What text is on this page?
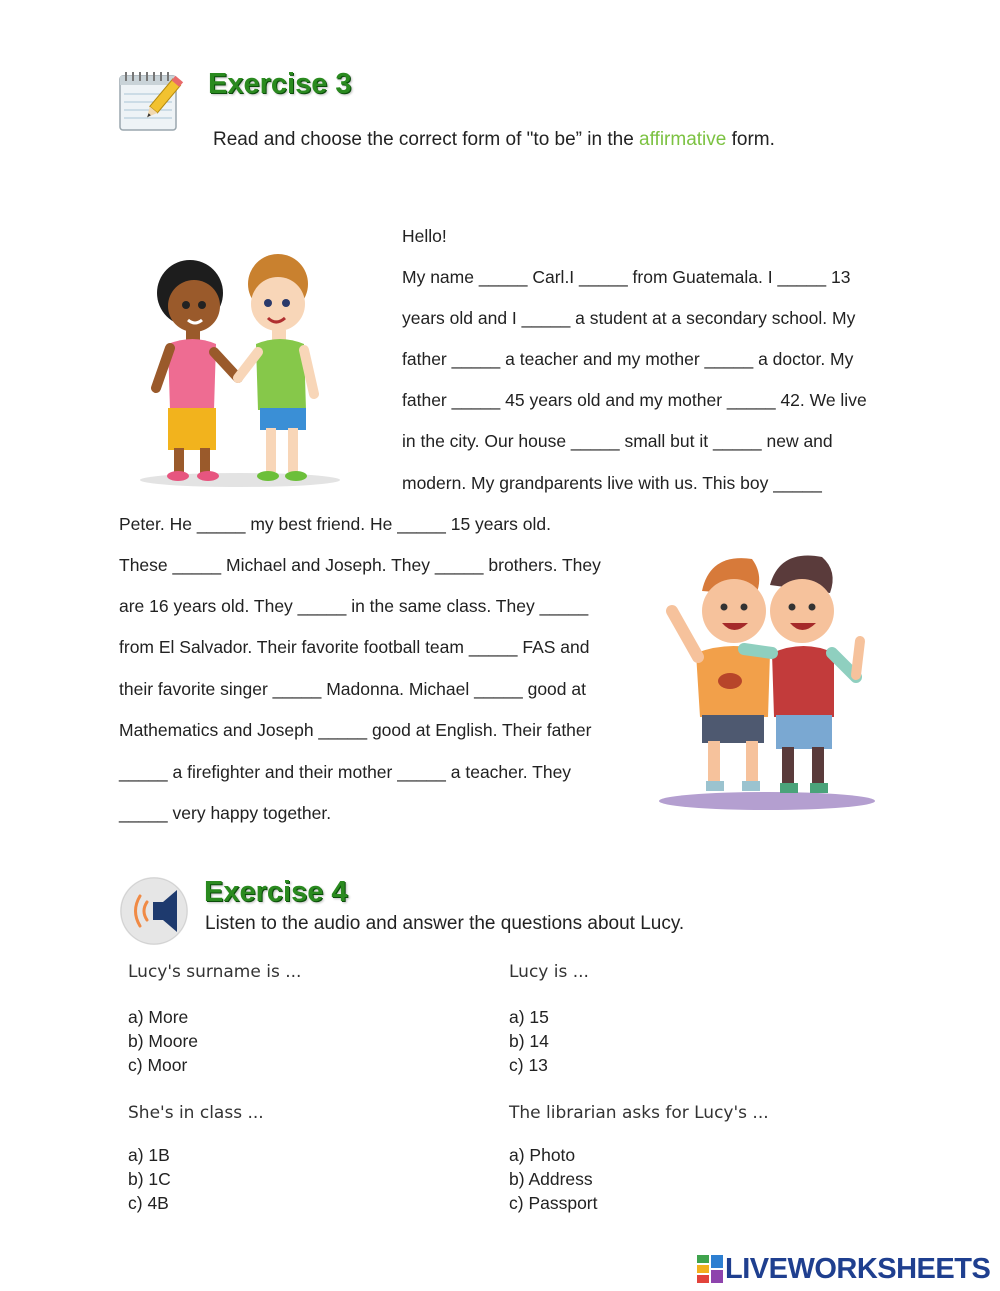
Exercise 3
Read and choose the correct form of "to be” in the affirmative form.
Hello!
My name _____ Carl.I _____ from Guatemala. I _____ 13
years old and I _____ a student at a secondary school. My
father _____ a teacher and my mother _____ a doctor. My
father _____ 45 years old and my mother _____ 42. We live
in the city. Our house _____ small but it _____ new and
modern. My grandparents live with us. This boy _____
Peter. He _____ my best friend. He _____ 15 years old.
These _____ Michael and Joseph. They _____ brothers. They
are 16 years old. They _____ in the same class. They _____
from El Salvador. Their favorite football team _____ FAS and
their favorite singer _____ Madonna. Michael _____ good at
Mathematics and Joseph _____ good at English. Their father
_____ a firefighter and their mother _____ a teacher. They
_____ very happy together.
Exercise 4
Listen to the audio and answer the questions about Lucy.
Lucy's surname is ...
a) More
b) Moore
c) Moor
Lucy is ...
a) 15
b) 14
c) 13
She's in class ...
a) 1B
b) 1C
c) 4B
The librarian asks for Lucy's ...
a) Photo
b) Address
c) Passport
LIVEWORKSHEETS
